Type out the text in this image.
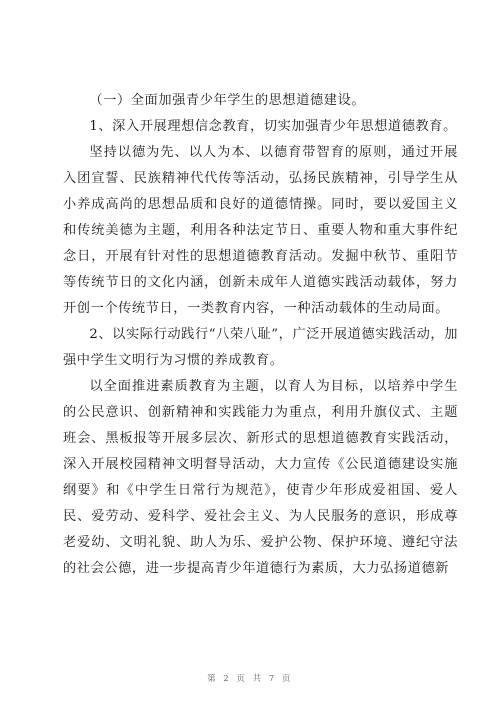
（一）全面加强青少年学生的思想道德建设。

1、深入开展理想信念教育，切实加强青少年思想道德教育。

坚持以德为先、以人为本、以德育带智育的原则，通过开展入团宣誓、民族精神代代传等活动，弘扬民族精神，引导学生从小养成高尚的思想品质和良好的道德情操。同时，要以爱国主义和传统美德为主题，利用各种法定节日、重要人物和重大事件纪念日，开展有针对性的思想道德教育活动。发掘中秋节、重阳节等传统节日的文化内涵，创新未成年人道德实践活动载体，努力开创一个传统节日，一类教育内容，一种活动载体的生动局面。

2、以实际行动践行“八荣八耻”，广泛开展道德实践活动，加强中学生文明行为习惯的养成教育。

以全面推进素质教育为主题，以育人为目标，以培养中学生的公民意识、创新精神和实践能力为重点，利用升旗仪式、主题班会、黑板报等开展多层次、新形式的思想道德教育实践活动，深入开展校园精神文明督导活动，大力宣传《公民道德建设实施纲要》和《中学生日常行为规范》，使青少年形成爱祖国、爱人民、爱劳动、爱科学、爱社会主义、为人民服务的意识，形成尊老爱幼、文明礼貌、助人为乐、爱护公物、保护环境、遵纪守法的社会公德，进一步提高青少年道德行为素质，大力弘扬道德新

第 2 页 共 7 页
